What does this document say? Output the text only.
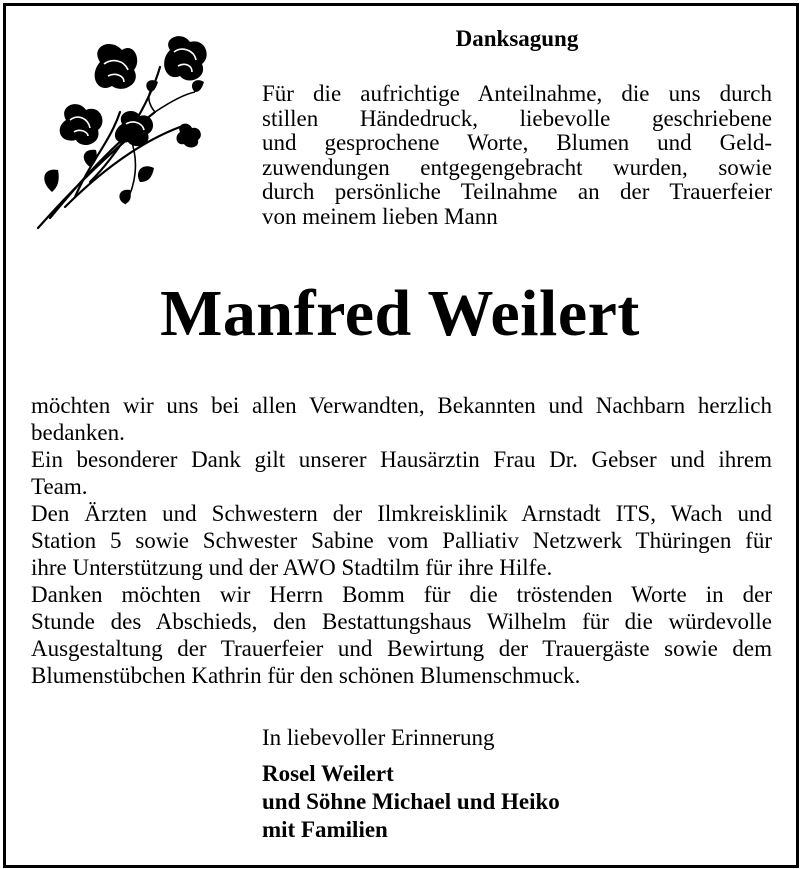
Danksagung
Für die aufrichtige Anteilnahme, die uns durch
stillen Händedruck, liebevolle geschriebene
und gesprochene Worte, Blumen und Geld-
zuwendungen entgegengebracht wurden, sowie
durch persönliche Teilnahme an der Trauerfeier
von meinem lieben Mann
Manfred Weilert
möchten wir uns bei allen Verwandten, Bekannten und Nachbarn herzlich
bedanken.
Ein besonderer Dank gilt unserer Hausärztin Frau Dr. Gebser und ihrem
Team.
Den Ärzten und Schwestern der Ilmkreisklinik Arnstadt ITS, Wach und
Station 5 sowie Schwester Sabine vom Palliativ Netzwerk Thüringen für
ihre Unterstützung und der AWO Stadtilm für ihre Hilfe.
Danken möchten wir Herrn Bomm für die tröstenden Worte in der
Stunde des Abschieds, den Bestattungshaus Wilhelm für die würdevolle
Ausgestaltung der Trauerfeier und Bewirtung der Trauergäste sowie dem
Blumenstübchen Kathrin für den schönen Blumenschmuck.
In liebevoller Erinnerung
Rosel Weilert
und Söhne Michael und Heiko
mit Familien
